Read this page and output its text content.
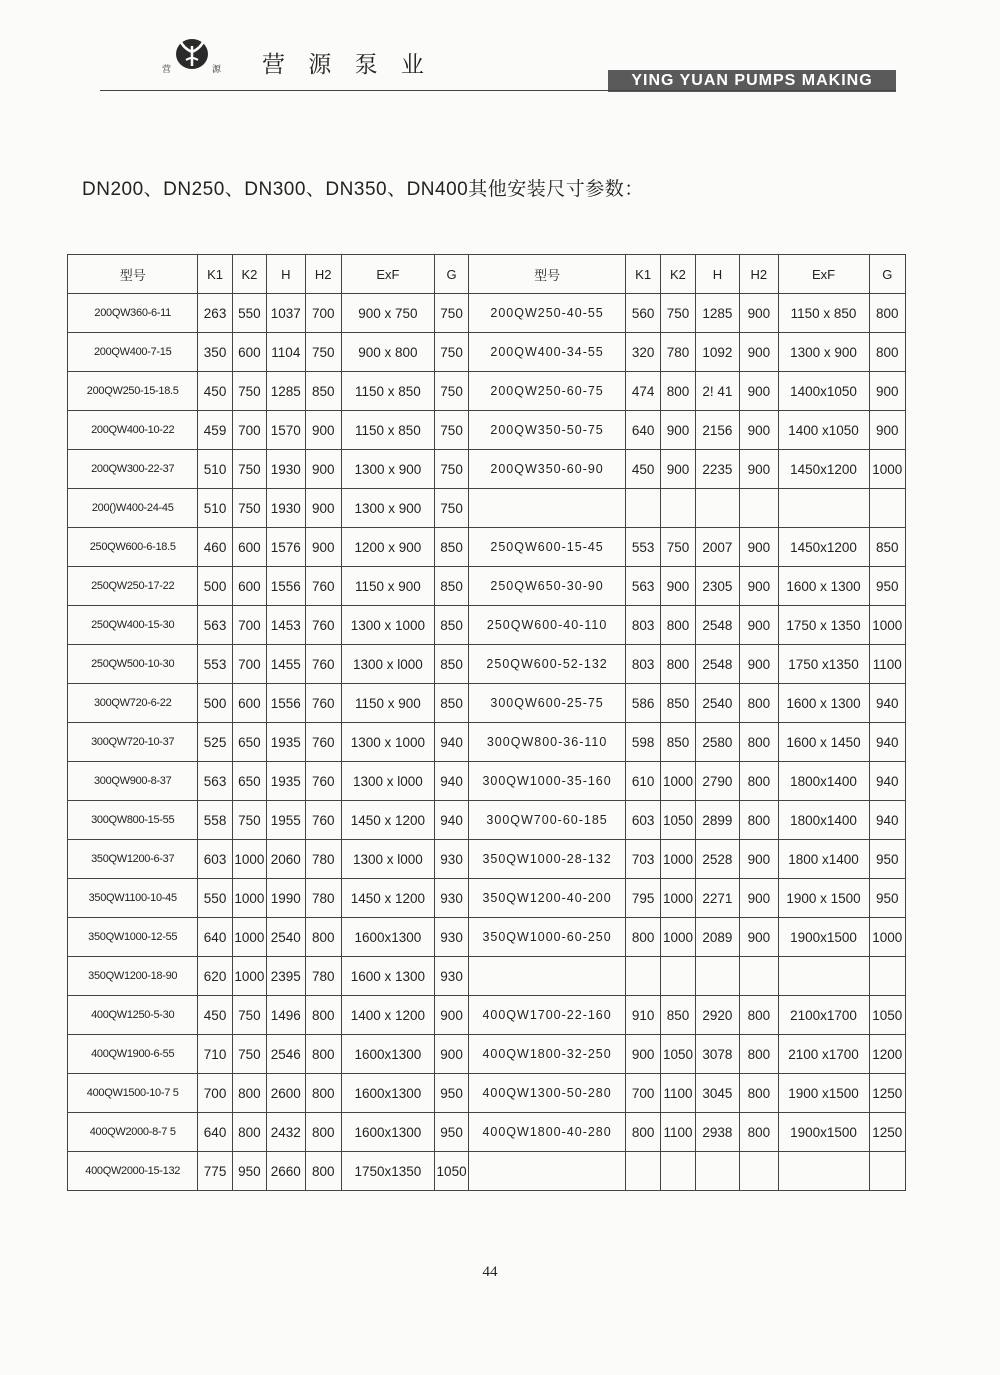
营	源 营 源 泵 业
YING YUAN PUMPS MAKING
DN200、DN250、DN300、DN350、DN400其他安装尺寸参数：
型号	K1	K2	H	H2	ExF	G	型号	K1	K2	H	H2	ExF	G
200QW360-6-11	263	550	1037	700	900 x 750	750	200QW250-40-55	560	750	1285	900	1150 x 850	800
200QW400-7-15	350	600	1104	750	900 x 800	750	200QW400-34-55	320	780	1092	900	1300 x 900	800
200QW250-15-18.5	450	750	1285	850	1150 x 850	750	200QW250-60-75	474	800	2! 41	900	1400x1050	900
200QW400-10-22	459	700	1570	900	1150 x 850	750	200QW350-50-75	640	900	2156	900	1400 x1050	900
200QW300-22-37	510	750	1930	900	1300 x 900	750	200QW350-60-90	450	900	2235	900	1450x1200	1000
200()W400-24-45	510	750	1930	900	1300 x 900	750							
250QW600-6-18.5	460	600	1576	900	1200 x 900	850	250QW600-15-45	553	750	2007	900	1450x1200	850
250QW250-17-22	500	600	1556	760	1150 x 900	850	250QW650-30-90	563	900	2305	900	1600 x 1300	950
250QW400-15-30	563	700	1453	760	1300 x 1000	850	250QW600-40-110	803	800	2548	900	1750 x 1350	1000
250QW500-10-30	553	700	1455	760	1300 x l000	850	250QW600-52-132	803	800	2548	900	1750 x1350	1100
300QW720-6-22	500	600	1556	760	1150 x 900	850	300QW600-25-75	586	850	2540	800	1600 x 1300	940
300QW720-10-37	525	650	1935	760	1300 x 1000	940	300QW800-36-110	598	850	2580	800	1600 x 1450	940
300QW900-8-37	563	650	1935	760	1300 x l000	940	300QW1000-35-160	610	1000	2790	800	1800x1400	940
300QW800-15-55	558	750	1955	760	1450 x 1200	940	300QW700-60-185	603	1050	2899	800	1800x1400	940
350QW1200-6-37	603	1000	2060	780	1300 x l000	930	350QW1000-28-132	703	1000	2528	900	1800 x1400	950
350QW1100-10-45	550	1000	1990	780	1450 x 1200	930	350QW1200-40-200	795	1000	2271	900	1900 x 1500	950
350QW1000-12-55	640	1000	2540	800	1600x1300	930	350QW1000-60-250	800	1000	2089	900	1900x1500	1000
350QW1200-18-90	620	1000	2395	780	1600 x 1300	930							
400QW1250-5-30	450	750	1496	800	1400 x 1200	900	400QW1700-22-160	910	850	2920	800	2100x1700	1050
400QW1900-6-55	710	750	2546	800	1600x1300	900	400QW1800-32-250	900	1050	3078	800	2100 x1700	1200
400QW1500-10-7 5	700	800	2600	800	1600x1300	950	400QW1300-50-280	700	1100	3045	800	1900 x1500	1250
400QW2000-8-7 5	640	800	2432	800	1600x1300	950	400QW1800-40-280	800	1100	2938	800	1900x1500	1250
400QW2000-15-132	775	950	2660	800	1750x1350	1050							
44
